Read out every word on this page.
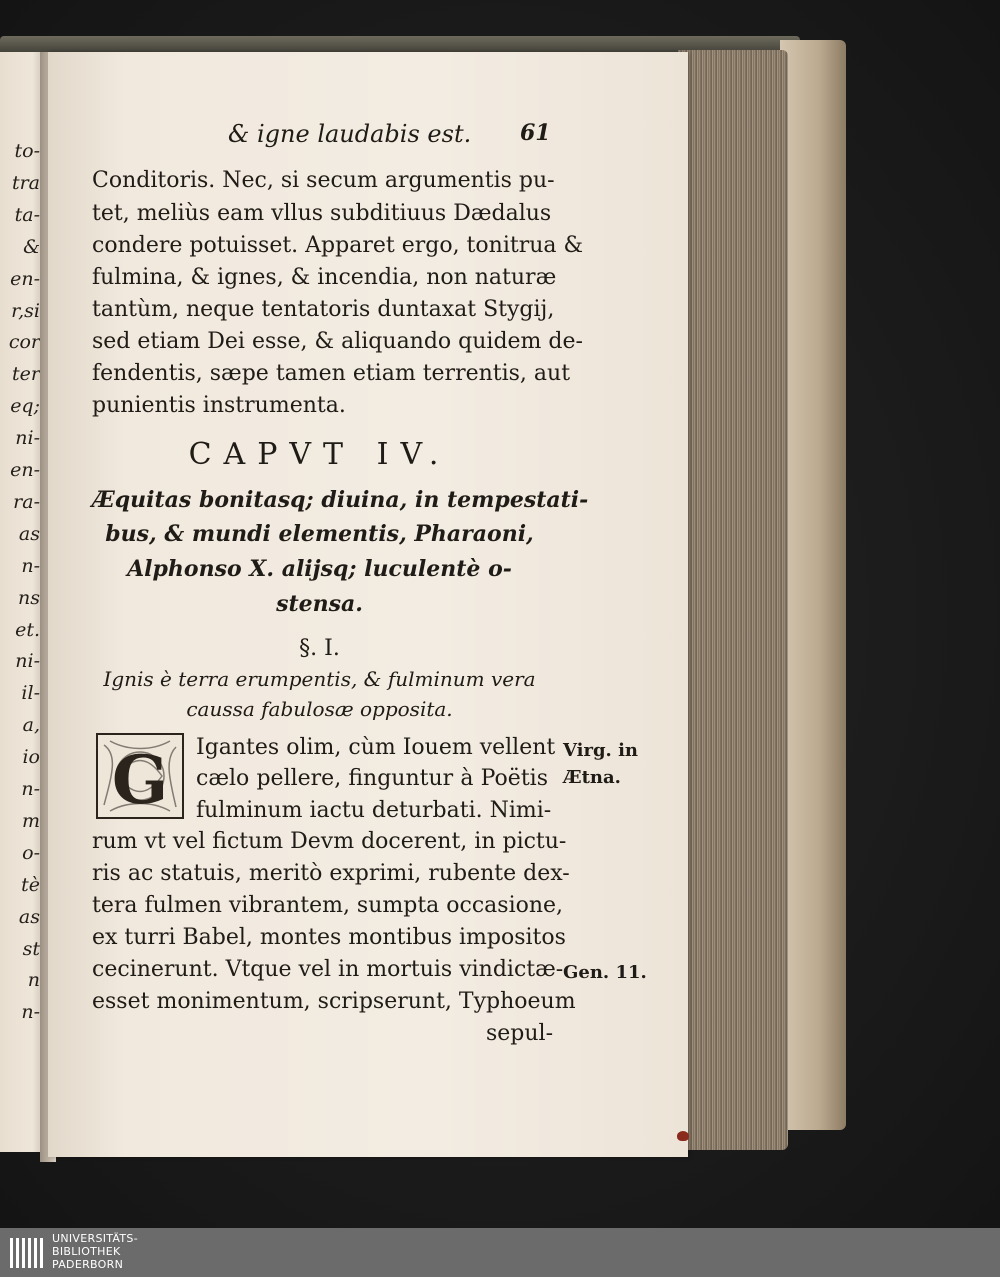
to-
tra
ta-
&
en-
r,si
cor
ter
eq;
ni-
en-
ra-
as
n-
ns
et.
ni-
il-
a,
io
n-
m
o-
tè
as
st
n
n-
& igne laudabis est. 61
Conditoris. Nec, si secum argumentis pu-
tet, meliùs eam vllus subditiuus Dædalus
condere potuisset. Apparet ergo, tonitrua &
fulmina, & ignes, & incendia, non naturæ
tantùm, neque tentatoris duntaxat Stygij,
sed etiam Dei esse, & aliquando quidem de-
fendentis, sæpe tamen etiam terrentis, aut
punientis instrumenta.
CAPVT IV.
Æquitas bonitasq; diuina, in tempestati-
bus, & mundi elementis, Pharaoni,
Alphonso X. alijsq; luculentè o-
stensa.
§. I.
Ignis è terra erumpentis, & fulminum vera
caussa fabulosæ opposita.
G	Igantes olim, cùm Iouem vellent
cælo pellere, finguntur à Poëtis
fulminum iactu deturbati. Nimi-
rum vt vel fictum Devm docerent, in pictu-
ris ac statuis, meritò exprimi, rubente dex-
tera fulmen vibrantem, sumpta occasione,
ex turri Babel, montes montibus impositos
cecinerunt. Vtque vel in mortuis vindictæ-
esset monimentum, scripserunt, Typhoeum
sepul-
Virg. in
Ætna.
Gen. 11.
UNIVERSITÄTS-
BIBLIOTHEK
PADERBORN
